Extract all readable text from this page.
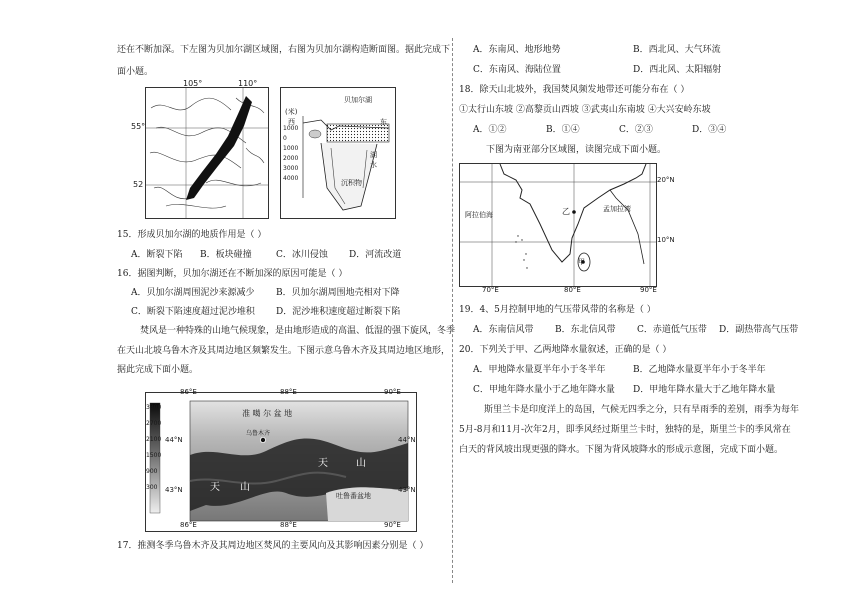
还在不断加深。下左图为贝加尔湖区域图，右图为贝加尔湖构造断面图。据此完成下
面小题。
105°	110°
55°
52
(米)
贝加尔湖
西	东
1000
0
1000
2000
3000
4000
沉积物
湖
水
15．形成贝加尔湖的地质作用是（ ）
A．断裂下陷 B．板块碰撞	C．冰川侵蚀 D．河流改道
16．据图判断，贝加尔湖还在不断加深的原因可能是（ ）
A．贝加尔湖周围泥沙来源减少 B．贝加尔湖周围地壳相对下降
C．断裂下陷速度超过泥沙堆积 D．泥沙堆积速度超过断裂下陷
焚风是一种特殊的山地气候现象，是由地形造成的高温、低湿的强下旋风，冬季
在天山北坡乌鲁木齐及其周边地区频繁发生。下图示意乌鲁木齐及其周边地区地形，
据此完成下面小题。
3300
2700
2100
1500
900
300
86°E	88°E	90°E
86°E	88°E	90°E
44°N
43°N
44°N
43°N
准 噶 尔 盆 地
乌鲁木齐
天	山
天 山
吐鲁番盆地
17．推测冬季乌鲁木齐及其周边地区焚风的主要风向及其影响因素分别是（ ）
A．东南风、地形地势	B．西北风、大气环流
C．东南风、海陆位置	D．西北风、太阳辐射
18．除天山北坡外，我国焚风频发地带还可能分布在（ ）
①太行山东坡 ②高黎贡山西坡 ③武夷山东南坡 ④大兴安岭东坡
A．①②	B．①④	C．②③	D．③④
下图为南亚部分区域图，读图完成下面小题。
20°N
10°N
70°E	80°E	90°E
阿拉伯海
孟加拉湾
乙
甲
19．4、5月控制甲地的气压带风带的名称是（ ）
A．东南信风带 B．东北信风带 C．赤道低气压带 D．副热带高气压带
20．下列关于甲、乙两地降水量叙述，正确的是（ ）
A．甲地降水量夏半年小于冬半年	B．乙地降水量夏半年小于冬半年
C．甲地年降水量小于乙地年降水量 D．甲地年降水量大于乙地年降水量
斯里兰卡是印度洋上的岛国，气候无四季之分，只有旱雨季的差别，雨季为每年
5月-8月和11月-次年2月，即季风经过斯里兰卡时，独特的是，斯里兰卡的季风常在
白天的背风坡出现更强的降水。下图为背风坡降水的形成示意图，完成下面小题。
